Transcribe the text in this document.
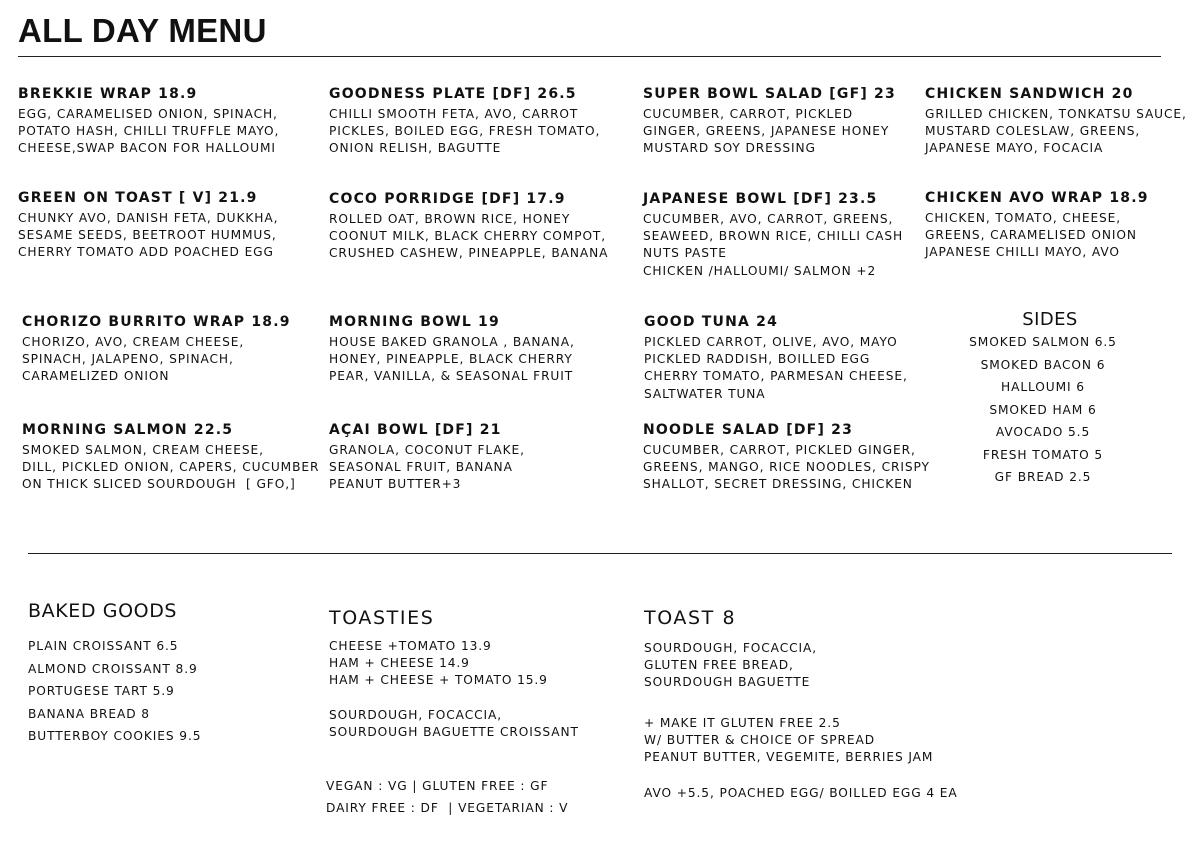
ALL DAY MENU

BREKKIE WRAP 18.9

EGG, CARAMELISED ONION, SPINACH,
POTATO HASH, CHILLI TRUFFLE MAYO,
CHEESE,SWAP BACON FOR HALLOUMI

GOODNESS PLATE [DF] 26.5

CHILLI SMOOTH FETA, AVO, CARROT
PICKLES, BOILED EGG, FRESH TOMATO,
ONION RELISH, BAGUTTE

SUPER BOWL SALAD [GF] 23

CUCUMBER, CARROT, PICKLED
GINGER, GREENS, JAPANESE HONEY
MUSTARD SOY DRESSING

CHICKEN SANDWICH 20

GRILLED CHICKEN, TONKATSU SAUCE,
MUSTARD COLESLAW, GREENS,
JAPANESE MAYO, FOCACIA

GREEN ON TOAST [ V] 21.9

CHUNKY AVO, DANISH FETA, DUKKHA,
SESAME SEEDS, BEETROOT HUMMUS,
CHERRY TOMATO ADD POACHED EGG

COCO PORRIDGE [DF] 17.9

ROLLED OAT, BROWN RICE, HONEY
COONUT MILK, BLACK CHERRY COMPOT,
CRUSHED CASHEW, PINEAPPLE, BANANA

JAPANESE BOWL [DF] 23.5

CUCUMBER, AVO, CARROT, GREENS,
SEAWEED, BROWN RICE, CHILLI CASH
NUTS PASTE
CHICKEN /HALLOUMI/ SALMON +2

CHICKEN AVO WRAP 18.9

CHICKEN, TOMATO, CHEESE,
GREENS, CARAMELISED ONION
JAPANESE CHILLI MAYO, AVO

CHORIZO BURRITO WRAP 18.9

CHORIZO, AVO, CREAM CHEESE,
SPINACH, JALAPENO, SPINACH,
CARAMELIZED ONION

MORNING BOWL 19

HOUSE BAKED GRANOLA , BANANA,
HONEY, PINEAPPLE, BLACK CHERRY
PEAR, VANILLA, & SEASONAL FRUIT

GOOD TUNA 24

PICKLED CARROT, OLIVE, AVO, MAYO
PICKLED RADDISH, BOILLED EGG
CHERRY TOMATO, PARMESAN CHEESE,
SALTWATER TUNA

MORNING SALMON 22.5

SMOKED SALMON, CREAM CHEESE,
DILL, PICKLED ONION, CAPERS, CUCUMBER
ON THICK SLICED SOURDOUGH  [ GFO,]

AÇAI BOWL [DF] 21

GRANOLA, COCONUT FLAKE,
SEASONAL FRUIT, BANANA
PEANUT BUTTER+3

NOODLE SALAD [DF] 23

CUCUMBER, CARROT, PICKLED GINGER,
GREENS, MANGO, RICE NOODLES, CRISPY
SHALLOT, SECRET DRESSING, CHICKEN

SIDES

SMOKED SALMON 6.5
SMOKED BACON 6
HALLOUMI 6
SMOKED HAM 6
AVOCADO 5.5
FRESH TOMATO 5
GF BREAD 2.5

BAKED GOODS

PLAIN CROISSANT 6.5
ALMOND CROISSANT 8.9
PORTUGESE TART 5.9
BANANA BREAD 8
BUTTERBOY COOKIES 9.5

TOASTIES

CHEESE +TOMATO 13.9
HAM + CHEESE 14.9
HAM + CHEESE + TOMATO 15.9

SOURDOUGH, FOCACCIA,
SOURDOUGH BAGUETTE CROISSANT

VEGAN : VG | GLUTEN FREE : GF
DAIRY FREE : DF  | VEGETARIAN : V

TOAST 8

SOURDOUGH, FOCACCIA,
GLUTEN FREE BREAD,
SOURDOUGH BAGUETTE

+ MAKE IT GLUTEN FREE 2.5
W/ BUTTER & CHOICE OF SPREAD
PEANUT BUTTER, VEGEMITE, BERRIES JAM

AVO +5.5, POACHED EGG/ BOILLED EGG 4 EA
